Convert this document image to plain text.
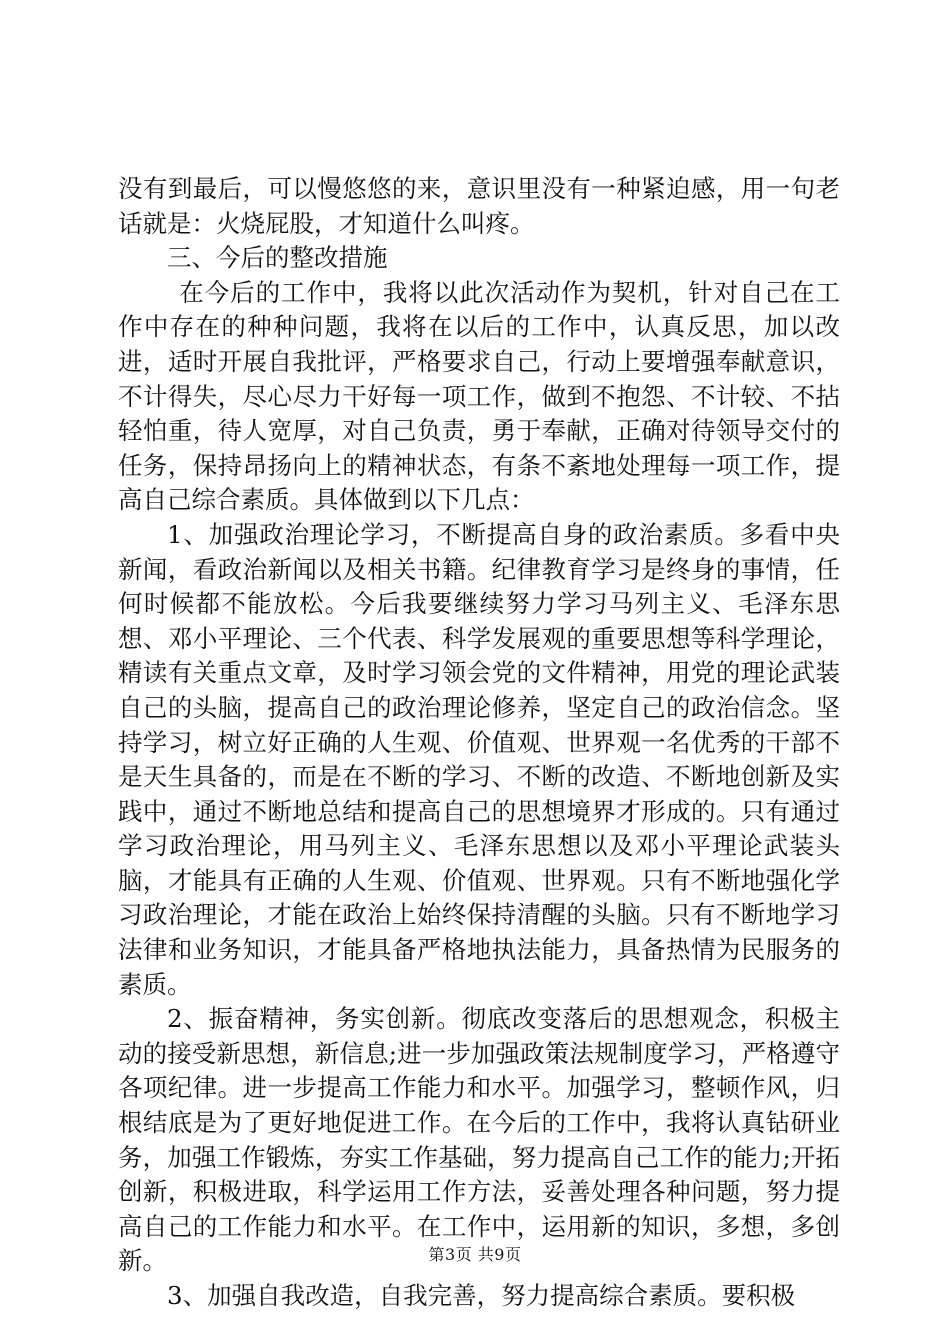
没有到最后，可以慢悠悠的来，意识里没有一种紧迫感，用一句老话就是：火烧屁股，才知道什么叫疼。

三、今后的整改措施

在今后的工作中，我将以此次活动作为契机，针对自己在工作中存在的种种问题，我将在以后的工作中，认真反思，加以改进，适时开展自我批评，严格要求自己，行动上要增强奉献意识，不计得失，尽心尽力干好每一项工作，做到不抱怨、不计较、不拈轻怕重，待人宽厚，对自己负责，勇于奉献，正确对待领导交付的任务，保持昂扬向上的精神状态，有条不紊地处理每一项工作，提高自己综合素质。具体做到以下几点：

1、加强政治理论学习，不断提高自身的政治素质。多看中央新闻，看政治新闻以及相关书籍。纪律教育学习是终身的事情，任何时候都不能放松。今后我要继续努力学习马列主义、毛泽东思想、邓小平理论、三个代表、科学发展观的重要思想等科学理论，精读有关重点文章，及时学习领会党的文件精神，用党的理论武装自己的头脑，提高自己的政治理论修养，坚定自己的政治信念。坚持学习，树立好正确的人生观、价值观、世界观一名优秀的干部不是天生具备的，而是在不断的学习、不断的改造、不断地创新及实践中，通过不断地总结和提高自己的思想境界才形成的。只有通过学习政治理论，用马列主义、毛泽东思想以及邓小平理论武装头脑，才能具有正确的人生观、价值观、世界观。只有不断地强化学习政治理论，才能在政治上始终保持清醒的头脑。只有不断地学习法律和业务知识，才能具备严格地执法能力，具备热情为民服务的素质。

2、振奋精神，务实创新。彻底改变落后的思想观念，积极主动的接受新思想，新信息;进一步加强政策法规制度学习，严格遵守各项纪律。进一步提高工作能力和水平。加强学习，整顿作风，归根结底是为了更好地促进工作。在今后的工作中，我将认真钻研业务，加强工作锻炼，夯实工作基础，努力提高自己工作的能力;开拓创新，积极进取，科学运用工作方法，妥善处理各种问题，努力提高自己的工作能力和水平。在工作中，运用新的知识，多想，多创新。

3、加强自我改造，自我完善，努力提高综合素质。要积极

第3页 共9页
